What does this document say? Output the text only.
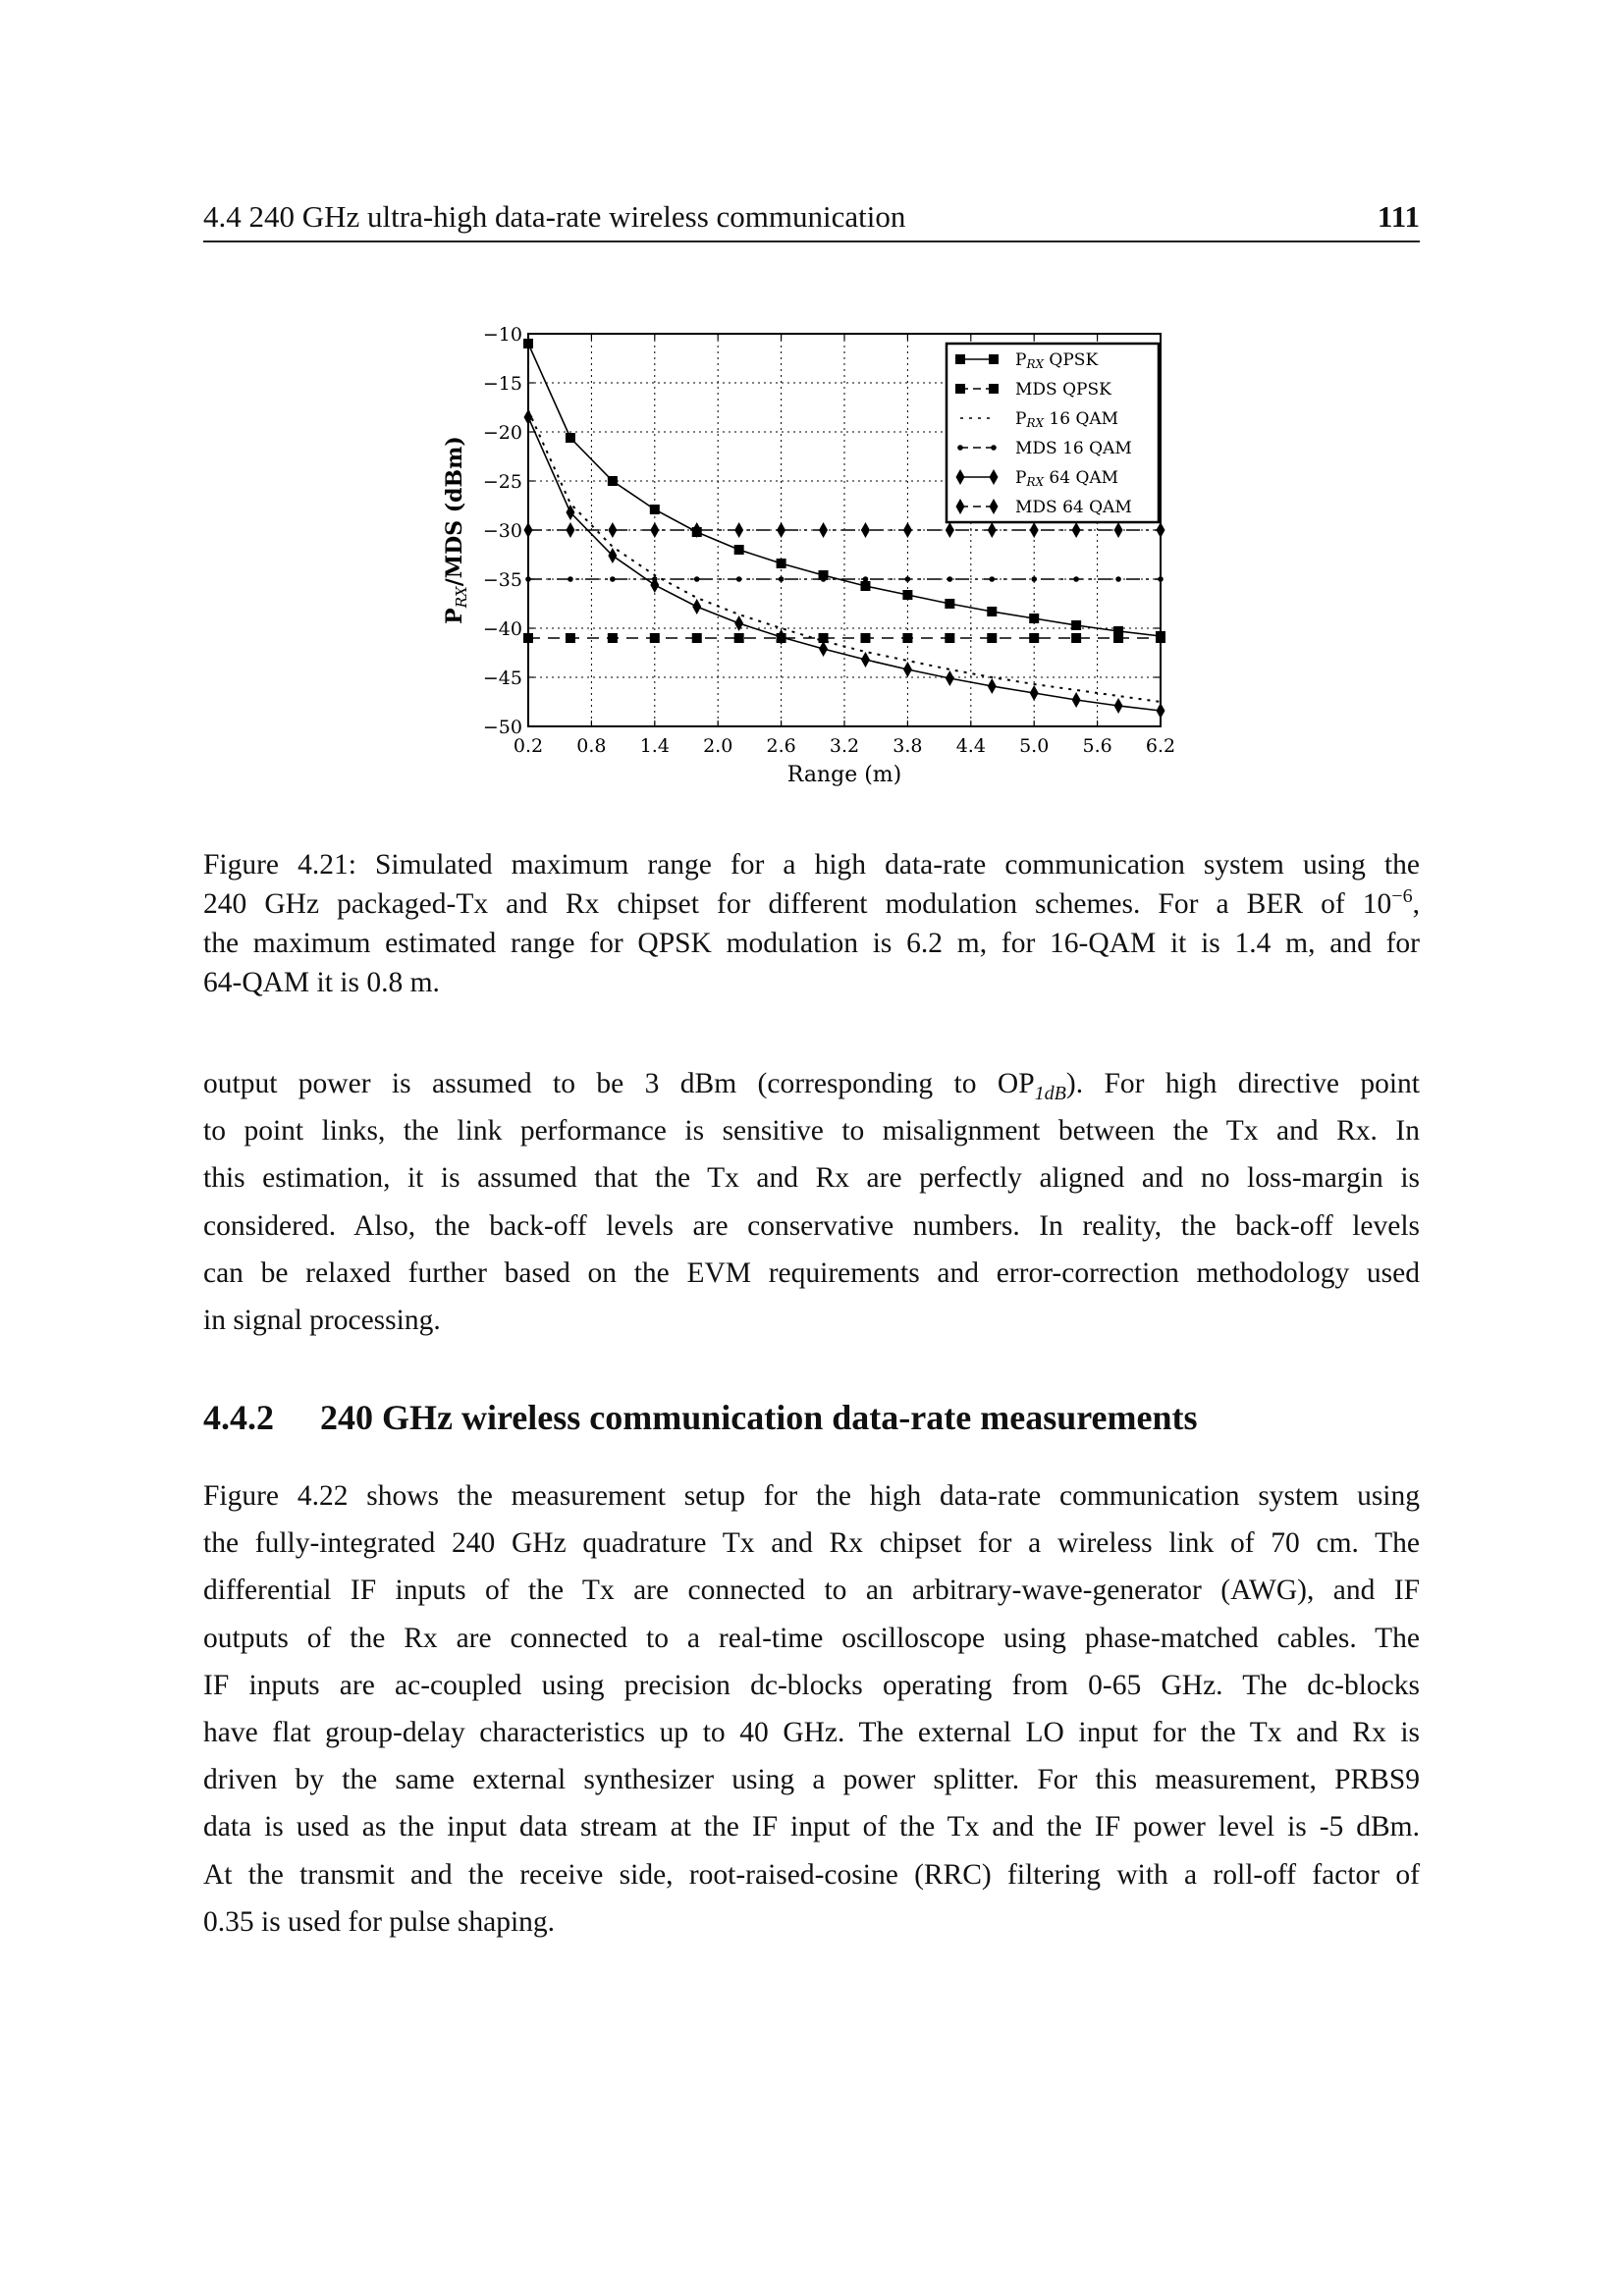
4.4 240 GHz ultra-high data-rate wireless communication	111
0.2 0.8 1.4 2.0 2.6 3.2 3.8 4.4 5.0 5.6 6.2
−10
−15
−20
−25
−30
−35
−40
−45
−50
Range (m)
$P_{RX}$/MDS (dBm)
PRX QPSK
MDS QPSK
PRX 16 QAM
MDS 16 QAM
PRX 64 QAM
MDS 64 QAM
Figure 4.21: Simulated maximum range for a high data-rate communication system using the
240 GHz packaged-Tx and Rx chipset for different modulation schemes. For a BER of $10^{-6}$,
the maximum estimated range for QPSK modulation is 6.2 m, for 16-QAM it is 1.4 m, and for
64-QAM it is 0.8 m.
output power is assumed to be 3 dBm (corresponding to $OP_{1dB}$). For high directive point
to point links, the link performance is sensitive to misalignment between the Tx and Rx. In
this estimation, it is assumed that the Tx and Rx are perfectly aligned and no loss-margin is
considered. Also, the back-off levels are conservative numbers. In reality, the back-off levels
can be relaxed further based on the EVM requirements and error-correction methodology used
in signal processing.
4.4.2 240 GHz wireless communication data-rate measurements
Figure 4.22 shows the measurement setup for the high data-rate communication system using
the fully-integrated 240 GHz quadrature Tx and Rx chipset for a wireless link of 70 cm. The
differential IF inputs of the Tx are connected to an arbitrary-wave-generator (AWG), and IF
outputs of the Rx are connected to a real-time oscilloscope using phase-matched cables. The
IF inputs are ac-coupled using precision dc-blocks operating from 0-65 GHz. The dc-blocks
have flat group-delay characteristics up to 40 GHz. The external LO input for the Tx and Rx is
driven by the same external synthesizer using a power splitter. For this measurement, PRBS9
data is used as the input data stream at the IF input of the Tx and the IF power level is -5 dBm.
At the transmit and the receive side, root-raised-cosine (RRC) filtering with a roll-off factor of
0.35 is used for pulse shaping.
